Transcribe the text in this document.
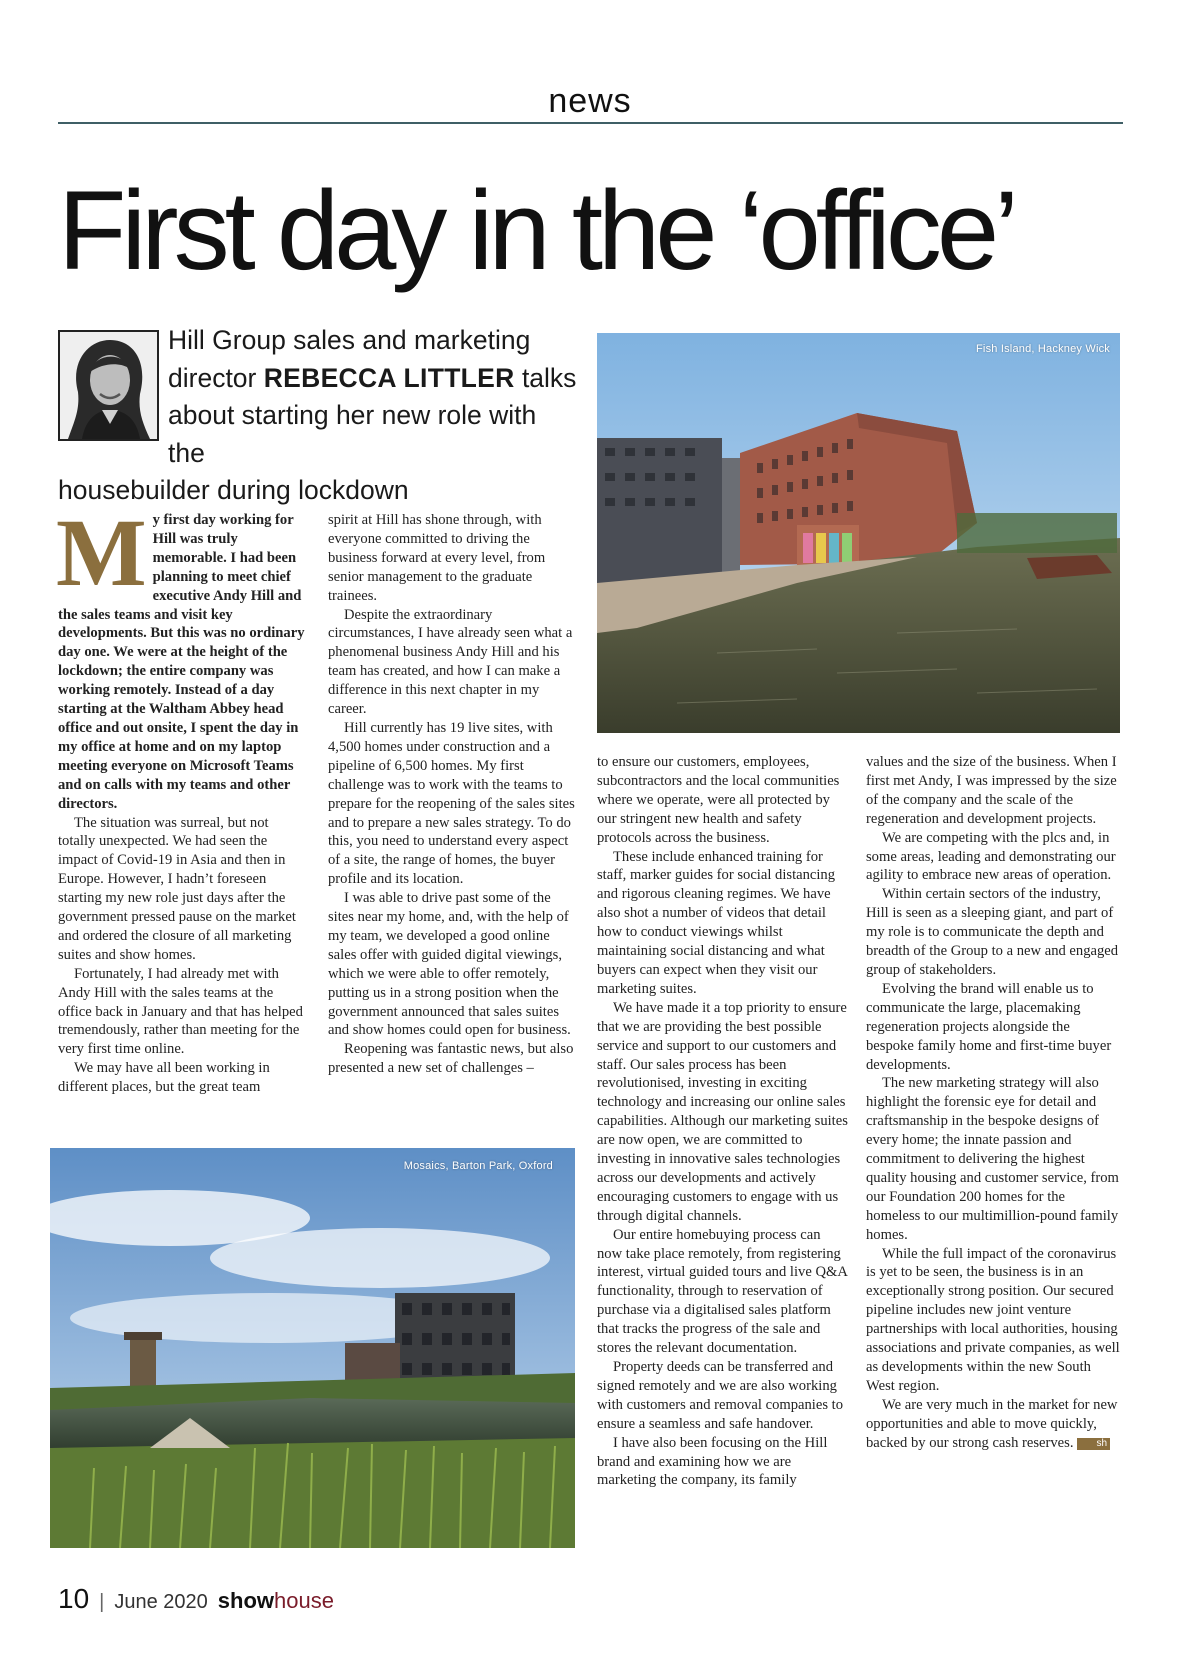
news
First day in the ‘office’
Hill Group sales and marketing
director REBECCA LITTLER talks
about starting her new role with the
housebuilder during lockdown
Fish Island, Hackney Wick
Mosaics, Barton Park, Oxford

My first day working for Hill was truly memorable. I had been planning to meet chief executive Andy Hill and the sales teams and visit key developments. But this was no ordinary day one. We were at the height of the lockdown; the entire company was working remotely. Instead of a day starting at the Waltham Abbey head office and out onsite, I spent the day in my office at home and on my laptop meeting everyone on Microsoft Teams and on calls with my teams and other directors.

The situation was surreal, but not totally unexpected. We had seen the impact of Covid-19 in Asia and then in Europe. However, I hadn’t foreseen starting my new role just days after the government pressed pause on the market and ordered the closure of all marketing suites and show homes.

Fortunately, I had already met with Andy Hill with the sales teams at the office back in January and that has helped tremendously, rather than meeting for the very first time online.

We may have all been working in different places, but the great team

spirit at Hill has shone through, with everyone committed to driving the business forward at every level, from senior management to the graduate trainees.

Despite the extraordinary circumstances, I have already seen what a phenomenal business Andy Hill and his team has created, and how I can make a difference in this next chapter in my career.

Hill currently has 19 live sites, with 4,500 homes under construction and a pipeline of 6,500 homes. My first challenge was to work with the teams to prepare for the reopening of the sales sites and to prepare a new sales strategy. To do this, you need to understand every aspect of a site, the range of homes, the buyer profile and its location.

I was able to drive past some of the sites near my home, and, with the help of my team, we developed a good online sales offer with guided digital viewings, which we were able to offer remotely, putting us in a strong position when the government announced that sales suites and show homes could open for business.

Reopening was fantastic news, but also presented a new set of challenges –

to ensure our customers, employees, subcontractors and the local communities where we operate, were all protected by our stringent new health and safety protocols across the business.

These include enhanced training for staff, marker guides for social distancing and rigorous cleaning regimes. We have also shot a number of videos that detail how to conduct viewings whilst maintaining social distancing and what buyers can expect when they visit our marketing suites.

We have made it a top priority to ensure that we are providing the best possible service and support to our customers and staff. Our sales process has been revolutionised, investing in exciting technology and increasing our online sales capabilities. Although our marketing suites are now open, we are committed to investing in innovative sales technologies across our developments and actively encouraging customers to engage with us through digital channels.

Our entire homebuying process can now take place remotely, from registering interest, virtual guided tours and live Q&A functionality, through to reservation of purchase via a digitalised sales platform that tracks the progress of the sale and stores the relevant documentation.

Property deeds can be transferred and signed remotely and we are also working with customers and removal companies to ensure a seamless and safe handover.

I have also been focusing on the Hill brand and examining how we are marketing the company, its family

values and the size of the business. When I first met Andy, I was impressed by the size of the company and the scale of the regeneration and development projects.

We are competing with the plcs and, in some areas, leading and demonstrating our agility to embrace new areas of operation.

Within certain sectors of the industry, Hill is seen as a sleeping giant, and part of my role is to communicate the depth and breadth of the Group to a new and engaged group of stakeholders.

Evolving the brand will enable us to communicate the large, placemaking regeneration projects alongside the bespoke family home and first-time buyer developments.

The new marketing strategy will also highlight the forensic eye for detail and craftsmanship in the bespoke designs of every home; the innate passion and commitment to delivering the highest quality housing and customer service, from our Foundation 200 homes for the homeless to our multimillion-pound family homes.

While the full impact of the coronavirus is yet to be seen, the business is in an exceptionally strong position. Our secured pipeline includes new joint venture partnerships with local authorities, housing associations and private companies, as well as developments within the new South West region.

We are very much in the market for new opportunities and able to move quickly, backed by our strong cash reserves. sh

10 | June 2020 show house
